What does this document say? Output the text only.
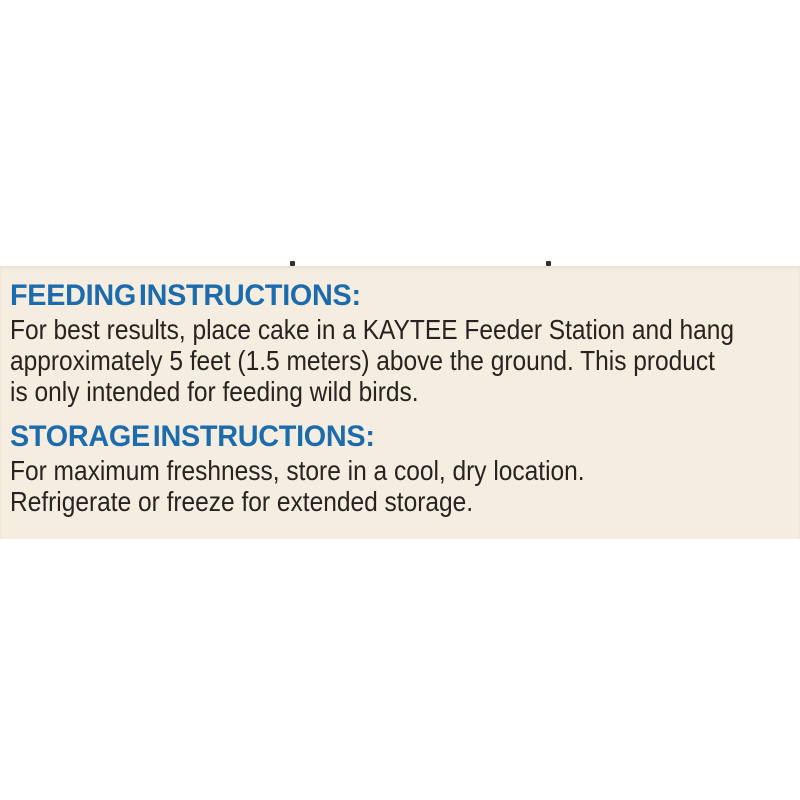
FEEDING INSTRUCTIONS:
For best results, place cake in a KAYTEE Feeder Station and hang
approximately 5 feet (1.5 meters) above the ground. This product
is only intended for feeding wild birds.
STORAGE INSTRUCTIONS:
For maximum freshness, store in a cool, dry location.
Refrigerate or freeze for extended storage.
